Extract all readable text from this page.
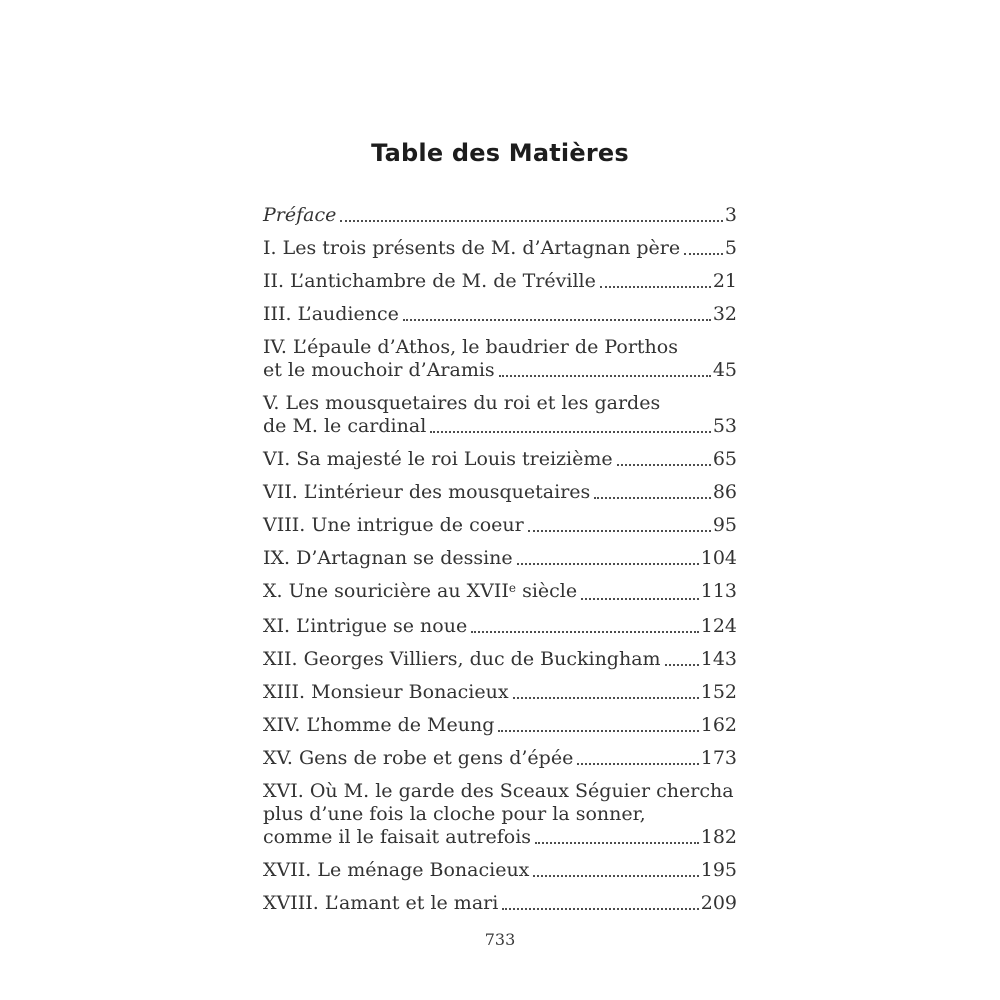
Table des Matières
Préface	3
I. Les trois présents de M. d’Artagnan père 5
II. L’antichambre de M. de Tréville	21
III. L’audience	32
IV. L’épaule d’Athos, le baudrier de Porthos
et le mouchoir d’Aramis	45
V. Les mousquetaires du roi et les gardes
de M. le cardinal	53
VI. Sa majesté le roi Louis treizième	65
VII. L’intérieur des mousquetaires	86
VIII. Une intrigue de coeur	95
IX. D’Artagnan se dessine	104
X. Une souricière au XVIIe siècle	113
XI. L’intrigue se noue	124
XII. Georges Villiers, duc de Buckingham 143
XIII. Monsieur Bonacieux	152
XIV. L’homme de Meung	162
XV. Gens de robe et gens d’épée	173
XVI. Où M. le garde des Sceaux Séguier chercha
plus d’une fois la cloche pour la sonner,
comme il le faisait autrefois	182
XVII. Le ménage Bonacieux	195
XVIII. L’amant et le mari	209
733
